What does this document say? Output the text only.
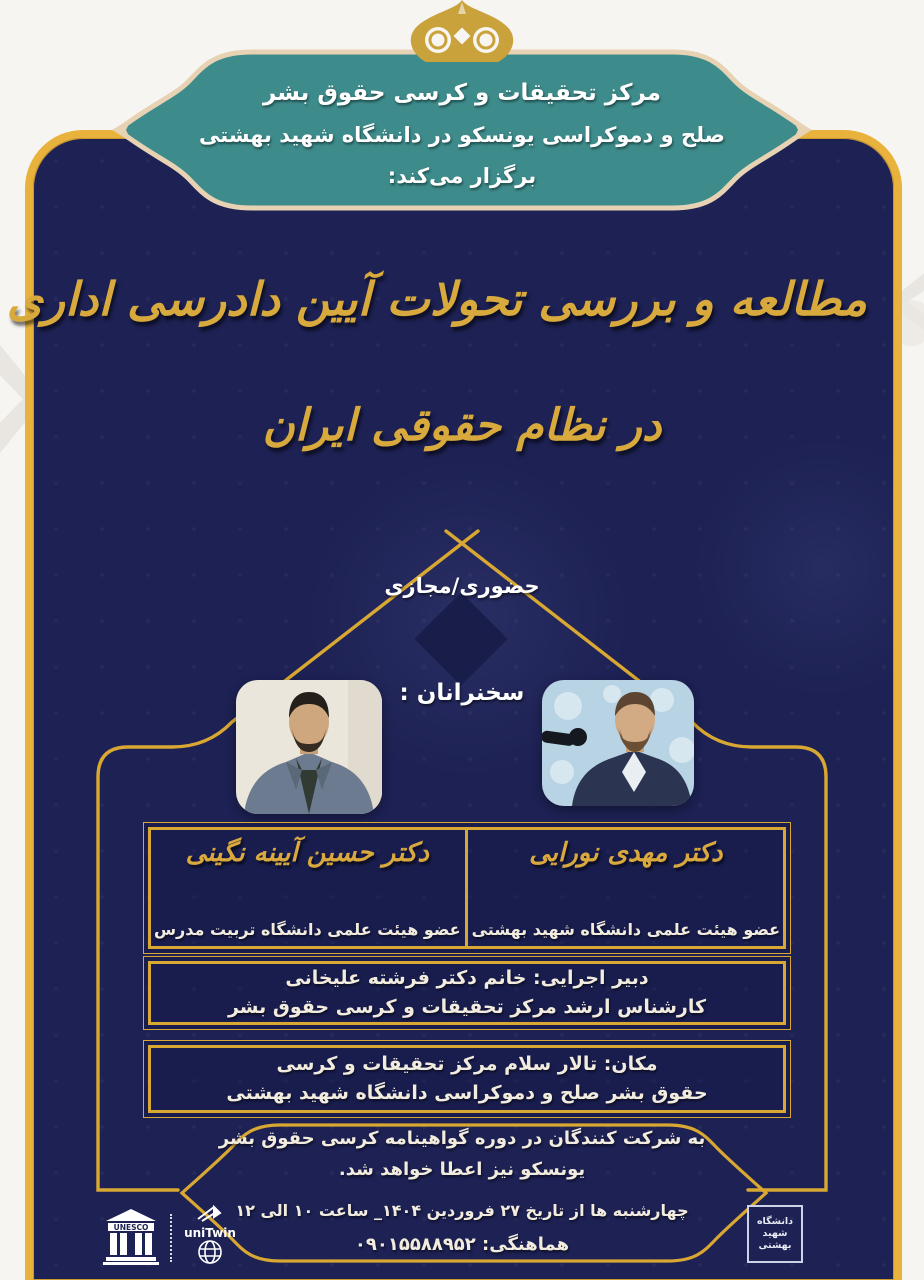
مرکز تحقیقات و کرسی حقوق بشر
صلح و دموکراسی یونسکو در دانشگاه شهید بهشتی
برگزار می‌کند:
مطالعه و بررسی تحولات آیین دادرسی اداری
در نظام حقوقی ایران
حضوری/مجازی
سخنرانان :
دکتر مهدی نورایی
عضو هیئت علمی دانشگاه شهید بهشتی
دکتر حسین آیینه نگینی
عضو هیئت علمی دانشگاه تربیت مدرس
دبیر اجرایی: خانم دکتر فرشته علیخانی
کارشناس ارشد مرکز تحقیقات و کرسی حقوق بشر
مکان: تالار سلام مرکز تحقیقات و کرسی
حقوق بشر صلح و دموکراسی دانشگاه شهید بهشتی
به شرکت کنندگان در دوره گواهینامه کرسی حقوق بشر
یونسکو نیز اعطا خواهد شد.
چهارشنبه ها از تاریخ ۲۷ فروردین ۱۴۰۴_ ساعت ۱۰ الی ۱۲
هماهنگی: ۰۹۰۱۵۵۸۸۹۵۲
UNESCO	uniTwin
دانشگاه
شهید
بهشتی
